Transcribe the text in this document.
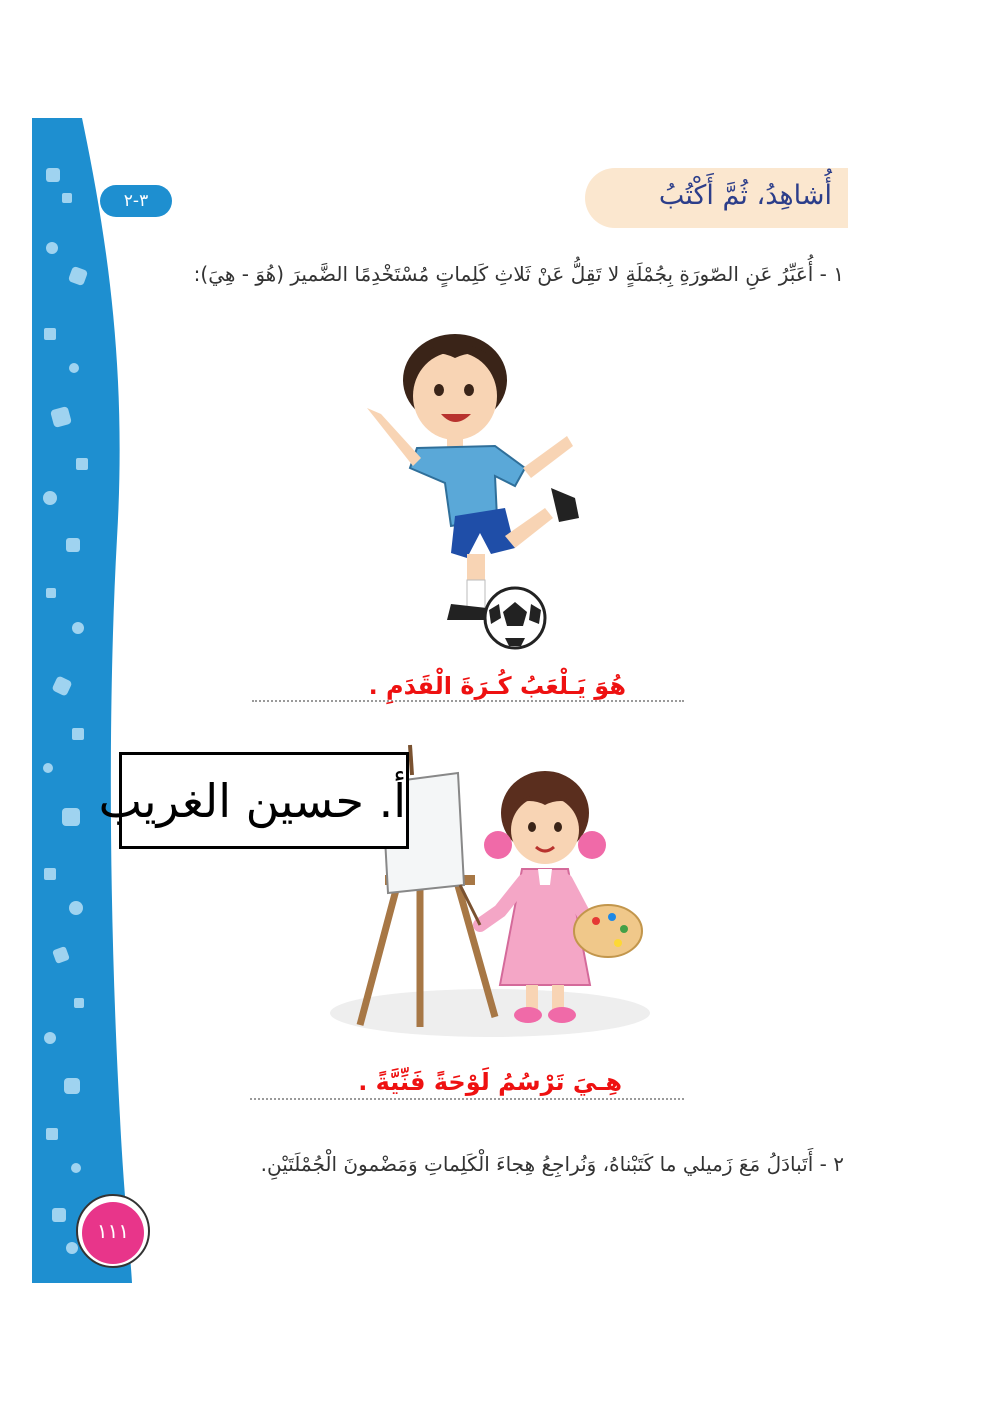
أُشاهِدُ، ثُمَّ أَكْتُبُ
٣-٢
١ - أُعَبِّرُ عَنِ الصّورَةِ بِجُمْلَةٍ لا تَقِلُّ عَنْ ثَلاثِ كَلِماتٍ مُسْتَخْدِمًا الضَّميرَ (هُوَ - هِيَ):
هُوَ يَـلْعَبُ كُـرَةَ الْقَدَمِ .
أ. حسين الغريب
هِـيَ تَرْسُمُ لَوْحَةً فَنِّيَّةً .
٢ - أَتَبادَلُ مَعَ زَميلي ما كَتَبْناهُ، وَنُراجِعُ هِجاءَ الْكَلِماتِ وَمَضْمونَ الْجُمْلَتَيْنِ.
١١١
